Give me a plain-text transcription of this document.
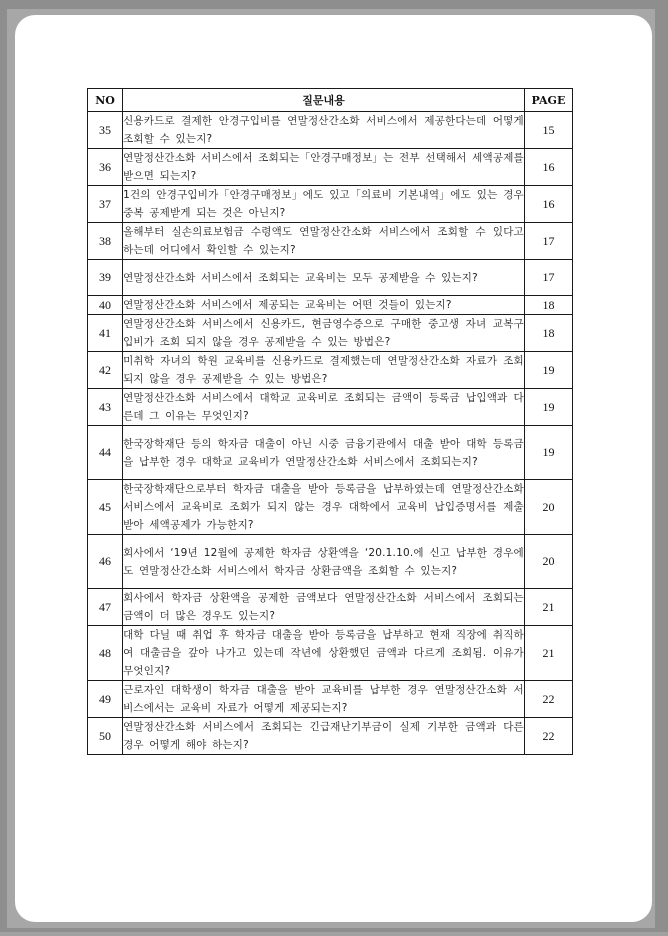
NO	질문내용	PAGE
35	신용카드로 결제한 안경구입비를 연말정산간소화 서비스에서 제공한다는데 어떻게 조회할 수 있는지?	15
36	연말정산간소화 서비스에서 조회되는「안경구매정보」는 전부 선택해서 세액공제를 받으면 되는지?	16
37	1건의 안경구입비가「안경구매정보」에도 있고「의료비 기본내역」에도 있는 경우 중복 공제받게 되는 것은 아닌지?	16
38	올해부터 실손의료보험금 수령액도 연말정산간소화 서비스에서 조회할 수 있다고 하는데 어디에서 확인할 수 있는지?	17
39	연말정산간소화 서비스에서 조회되는 교육비는 모두 공제받을 수 있는지?	17
40	연말정산간소화 서비스에서 제공되는 교육비는 어떤 것들이 있는지?	18
41	연말정산간소화 서비스에서 신용카드, 현금영수증으로 구매한 중고생 자녀 교복구입비가 조회 되지 않을 경우 공제받을 수 있는 방법은?	18
42	미취학 자녀의 학원 교육비를 신용카드로 결제했는데 연말정산간소화 자료가 조회되지 않을 경우 공제받을 수 있는 방법은?	19
43	연말정산간소화 서비스에서 대학교 교육비로 조회되는 금액이 등록금 납입액과 다른데 그 이유는 무엇인지?	19
44	한국장학재단 등의 학자금 대출이 아닌 시중 금융기관에서 대출 받아 대학 등록금을 납부한 경우 대학교 교육비가 연말정산간소화 서비스에서 조회되는지?	19
45	한국장학재단으로부터 학자금 대출을 받아 등록금을 납부하였는데 연말정산간소화 서비스에서 교육비로 조회가 되지 않는 경우 대학에서 교육비 납입증명서를 제출받아 세액공제가 가능한지?	20
46	회사에서 ‘19년 12월에 공제한 학자금 상환액을 ‘20.1.10.에 신고 납부한 경우에도 연말정산간소화 서비스에서 학자금 상환금액을 조회할 수 있는지?	20
47	회사에서 학자금 상환액을 공제한 금액보다 연말정산간소화 서비스에서 조회되는 금액이 더 많은 경우도 있는지?	21
48	대학 다닐 때 취업 후 학자금 대출을 받아 등록금을 납부하고 현재 직장에 취직하여 대출금을 갚아 나가고 있는데 작년에 상환했던 금액과 다르게 조회됨. 이유가 무엇인지?	21
49	근로자인 대학생이 학자금 대출을 받아 교육비를 납부한 경우 연말정산간소화 서비스에서는 교육비 자료가 어떻게 제공되는지?	22
50	연말정산간소화 서비스에서 조회되는 긴급재난기부금이 실제 기부한 금액과 다른 경우 어떻게 해야 하는지?	22
